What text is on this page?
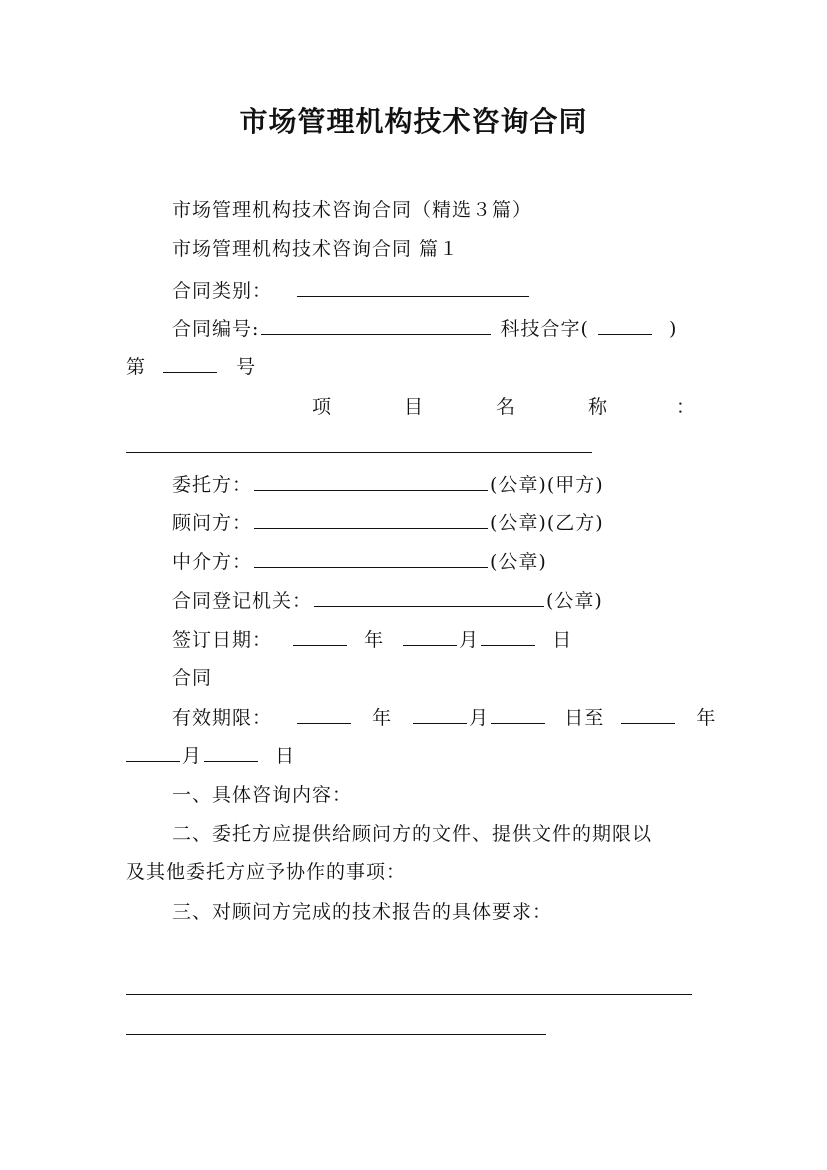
市场管理机构技术咨询合同
市场管理机构技术咨询合同（精选３篇）
市场管理机构技术咨询合同 篇１
合同类别：
合同编号:	科技合字(	)
第	号
项	目	名	称	：
委托方：	(公章)(甲方)
顾问方：	(公章)(乙方)
中介方：	(公章)
合同登记机关：	(公章)
签订日期：	年	月	日
合同
有效期限：	年	月	日至	年
月	日
一、具体咨询内容：
二、委托方应提供给顾问方的文件、提供文件的期限以
及其他委托方应予协作的事项：
三、对顾问方完成的技术报告的具体要求：
